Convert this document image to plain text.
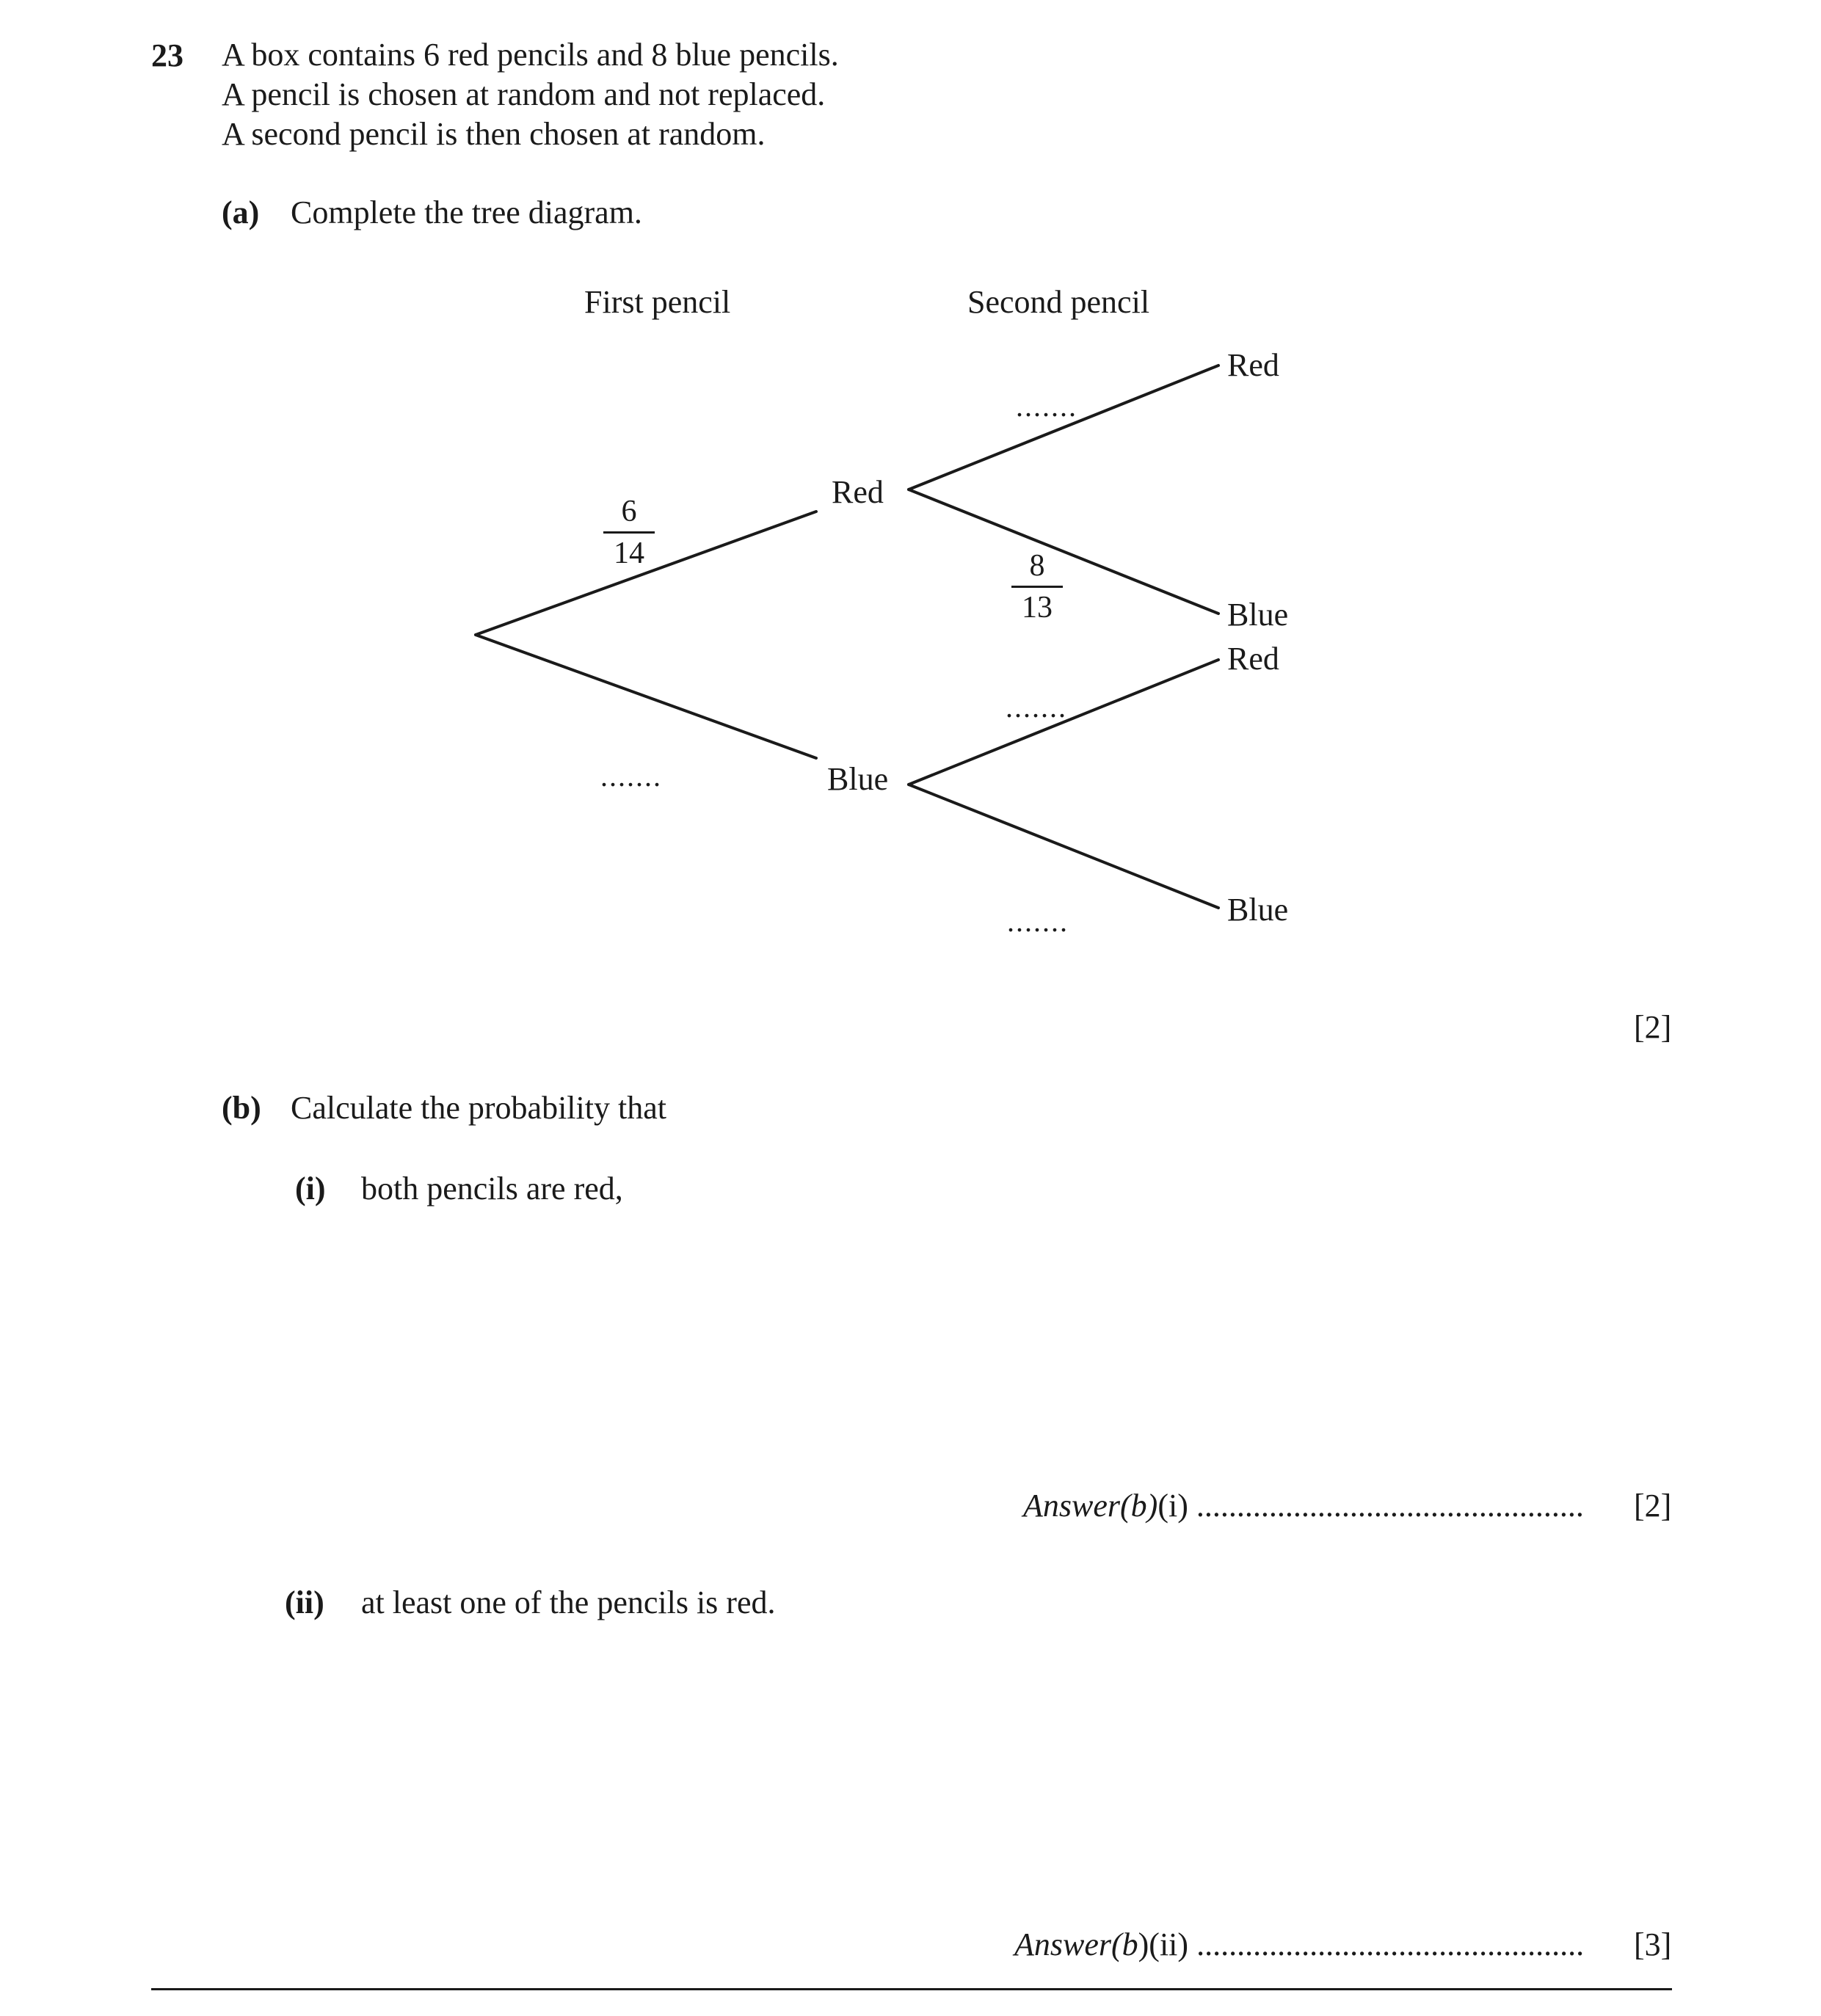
23 A box contains 6 red pencils and 8 blue pencils.
A pencil is chosen at random and not replaced.
A second pencil is then chosen at random.
(a) Complete the tree diagram.
First pencil	Second pencil
Red
Blue
6
14
.......
.......
8
13
.......
.......
Red
Blue
Red
Blue
[2]
(b) Calculate the probability that
(i) both pencils are red,
Answer(b)(i) ................................................ [2]
(ii) at least one of the pencils is red.
Answer(b)(ii) ................................................ [3]
